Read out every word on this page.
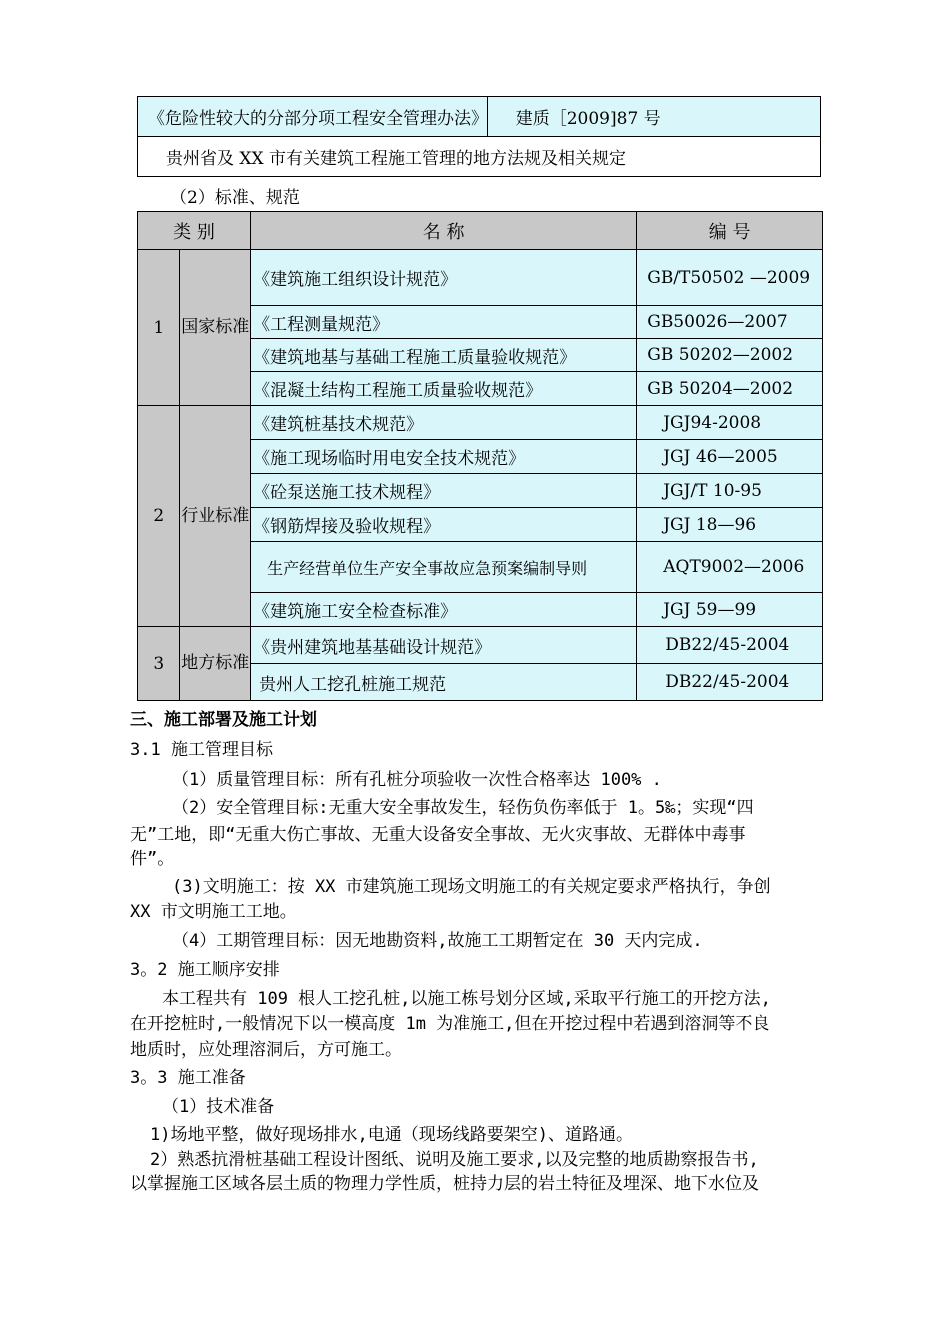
《危险性较大的分部分项工程安全管理办法》	建质［2009]87 号
贵州省及 XX 市有关建筑工程施工管理的地方法规及相关规定
（2）标准、规范
类 别		名 称	编 号
1	国家标准	《建筑施工组织设计规范》	GB/T50502 —2009
		《工程测量规范》	GB50026—2007
		《建筑地基与基础工程施工质量验收规范》	GB 50202—2002
		《混凝土结构工程施工质量验收规范》	GB 50204—2002
2	行业标准	《建筑桩基技术规范》	JGJ94-2008
		《施工现场临时用电安全技术规范》	JGJ 46—2005
		《砼泵送施工技术规程》	JGJ/T 10-95
		《钢筋焊接及验收规程》	JGJ 18—96
		生产经营单位生产安全事故应急预案编制导则	AQT9002—2006
		《建筑施工安全检查标准》	JGJ 59—99
3	地方标准	《贵州建筑地基基础设计规范》	DB22/45-2004
		贵州人工挖孔桩施工规范	DB22/45-2004
三、施工部署及施工计划
3.1 施工管理目标
（1）质量管理目标：所有孔桩分项验收一次性合格率达 100% .
（2）安全管理目标:无重大安全事故发生，轻伤负伤率低于 1。5‰；实现“四
无”工地，即“无重大伤亡事故、无重大设备安全事故、无火灾事故、无群体中毒事
件”。
(3)文明施工：按 XX 市建筑施工现场文明施工的有关规定要求严格执行，争创
XX 市文明施工工地。
（4）工期管理目标：因无地勘资料,故施工工期暂定在 30 天内完成.
3。2 施工顺序安排
本工程共有 109 根人工挖孔桩,以施工栋号划分区域,采取平行施工的开挖方法,
在开挖桩时,一般情况下以一模高度 1m 为准施工,但在开挖过程中若遇到溶洞等不良
地质时，应处理溶洞后，方可施工。
3。3 施工准备
（1）技术准备
1)场地平整，做好现场排水,电通（现场线路要架空)、道路通。
2）熟悉抗滑桩基础工程设计图纸、说明及施工要求,以及完整的地质勘察报告书,
以掌握施工区域各层土质的物理力学性质，桩持力层的岩土特征及埋深、地下水位及
